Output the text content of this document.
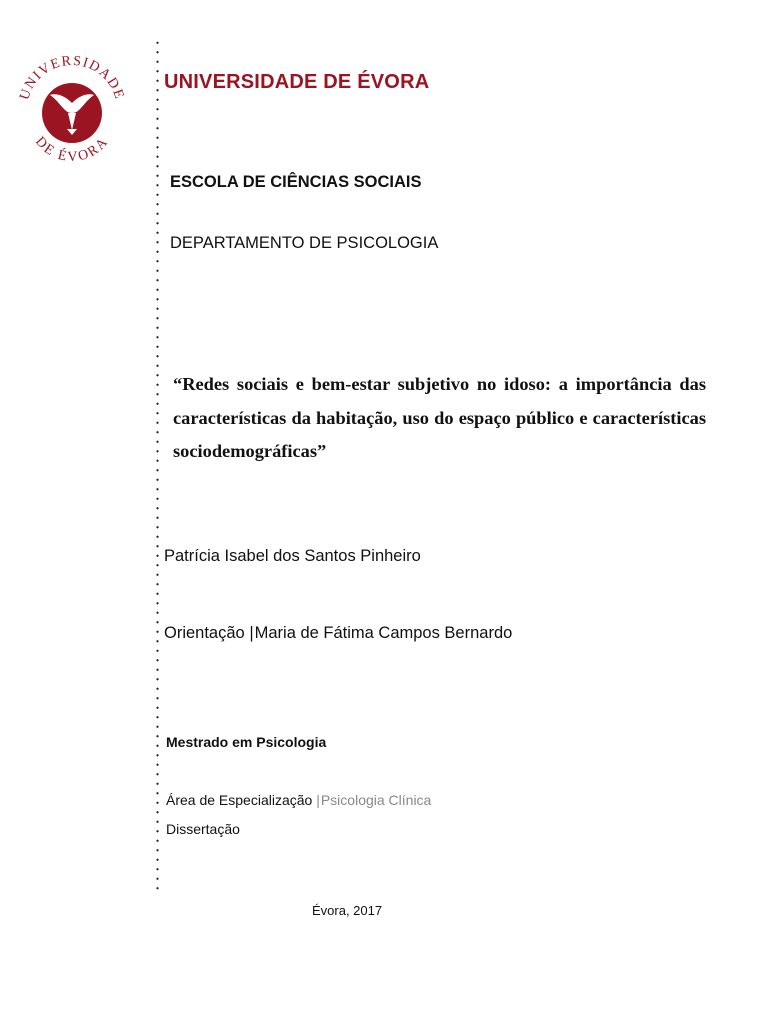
UNIVERSIDADE
DE ÉVORA
UNIVERSIDADE DE ÉVORA
ESCOLA DE CIÊNCIAS SOCIAIS
DEPARTAMENTO DE PSICOLOGIA
“Redes sociais e bem-estar subjetivo no idoso: a importância das características da habitação, uso do espaço público e características sociodemográficas”
Patrícia Isabel dos Santos Pinheiro
Orientação |Maria de Fátima Campos Bernardo
Mestrado em Psicologia
Área de Especialização |Psicologia Clínica
Dissertação
Évora, 2017
